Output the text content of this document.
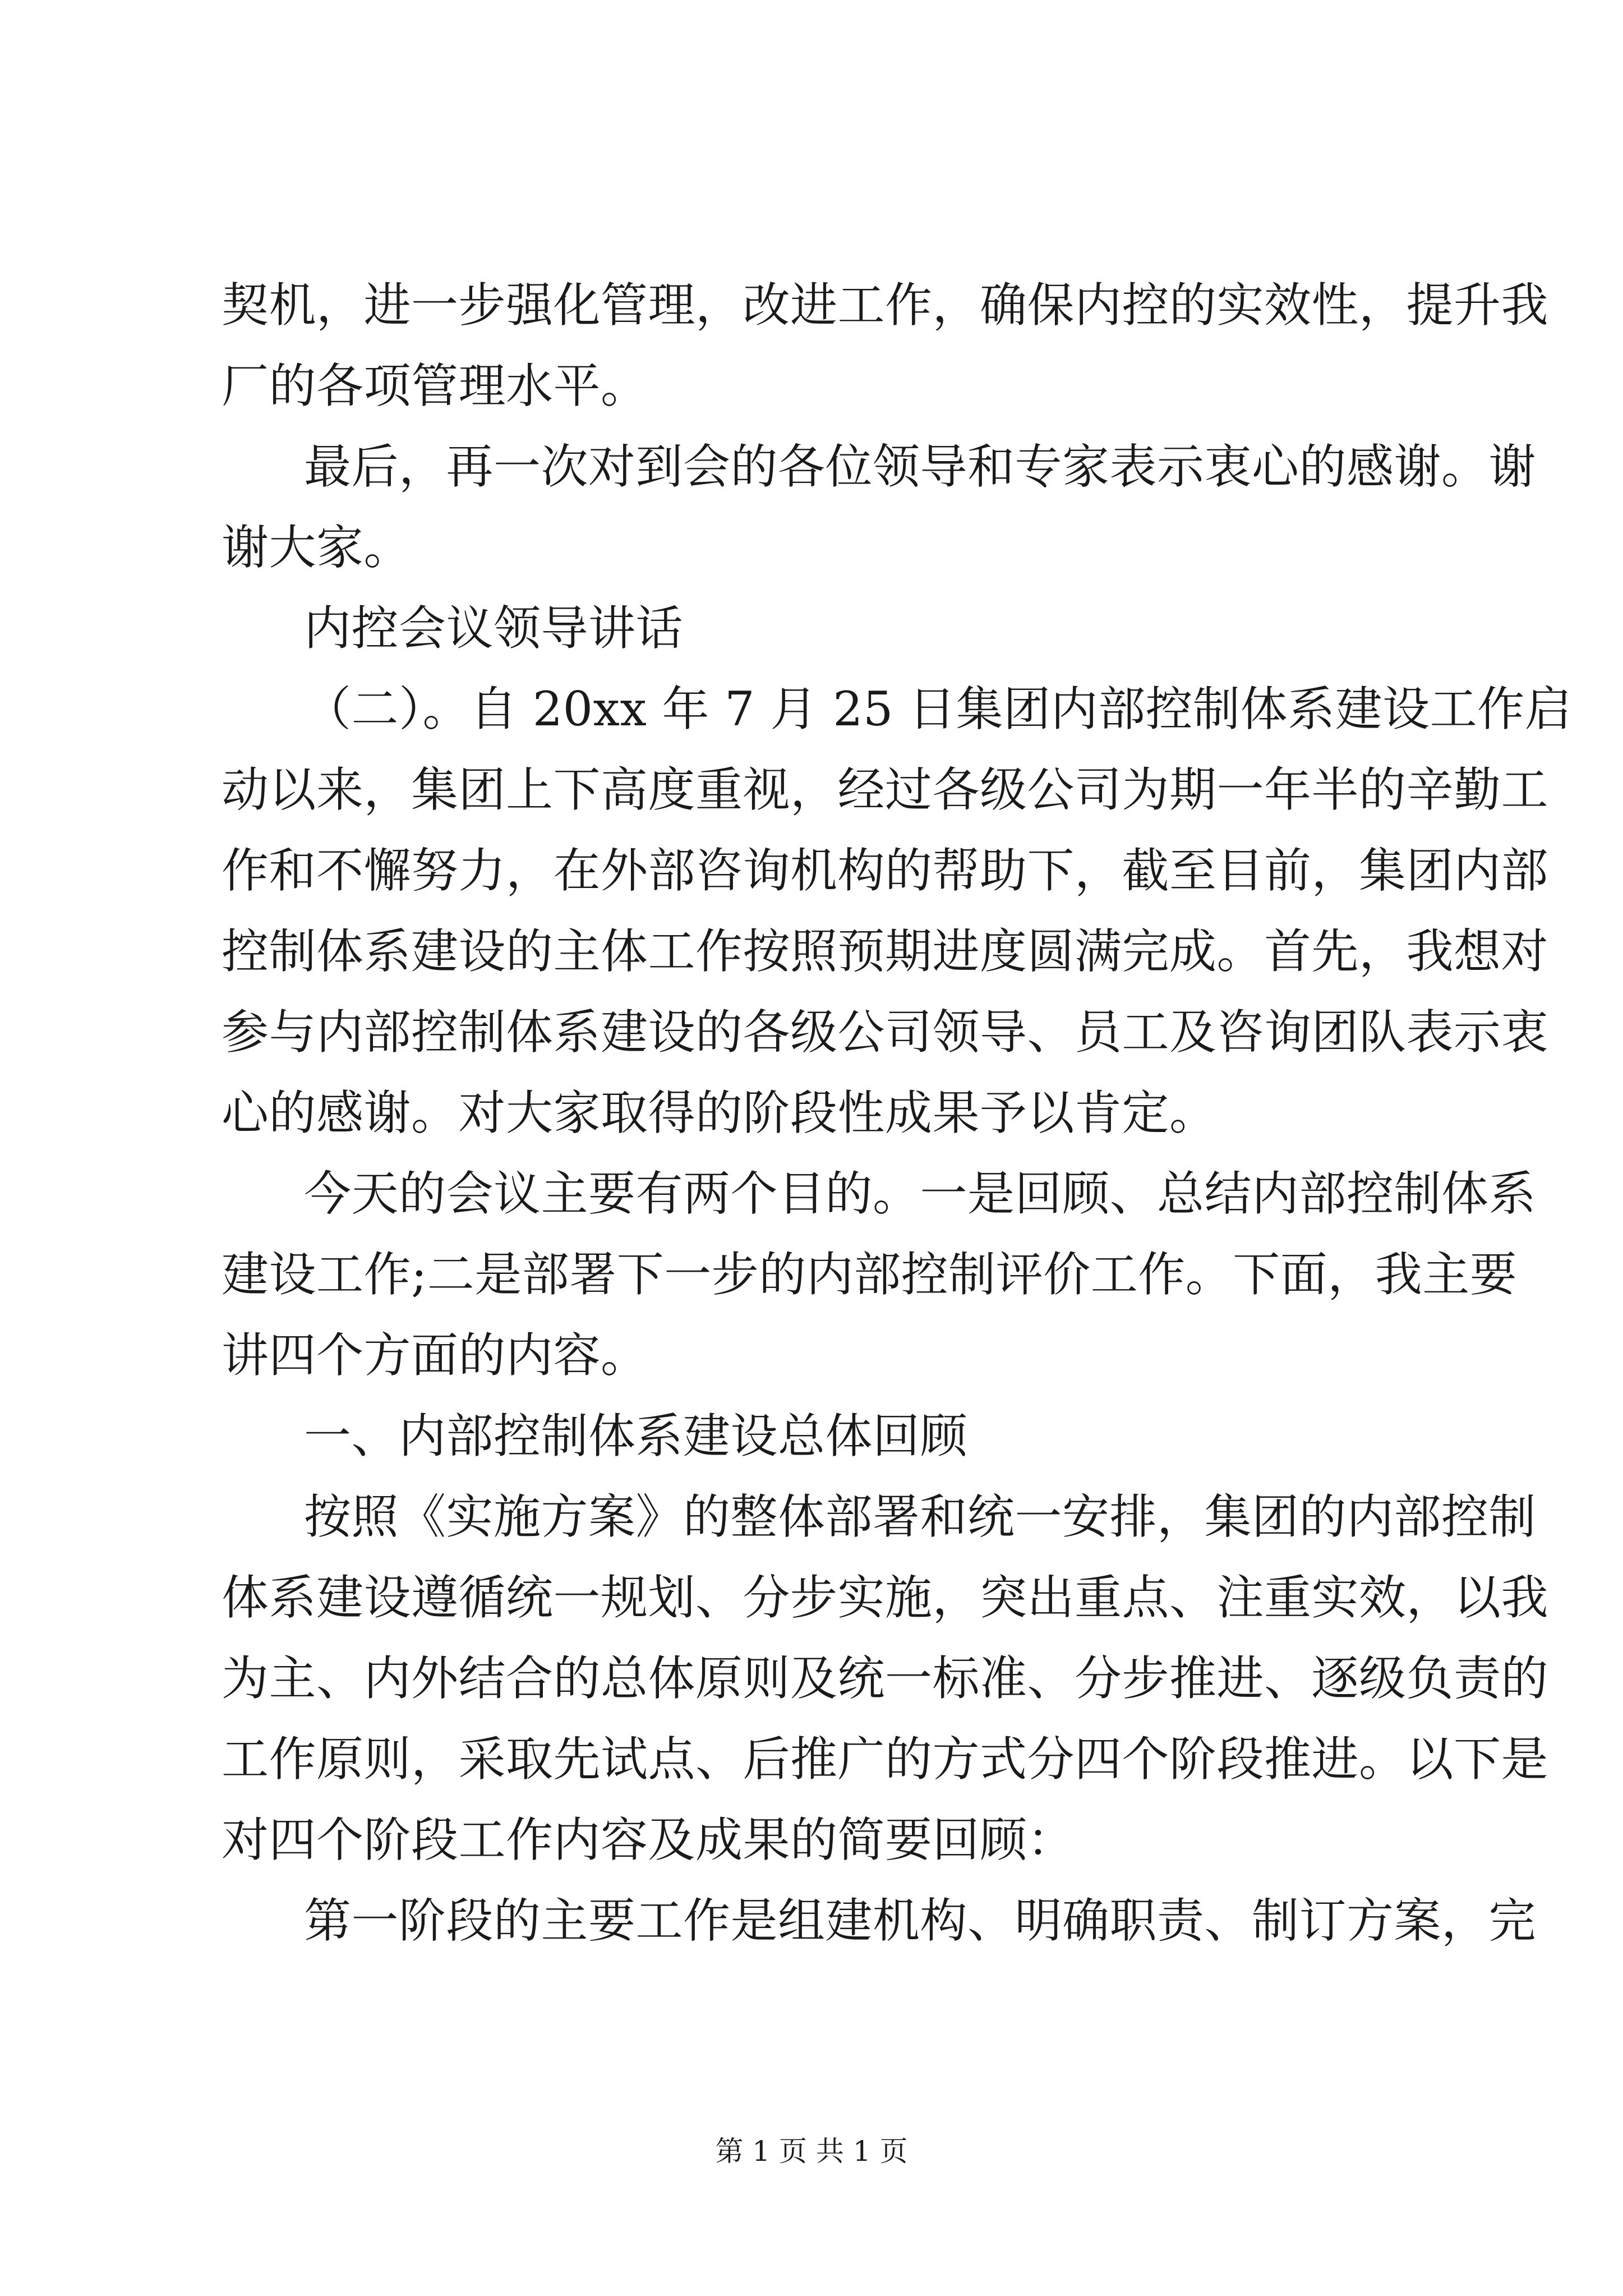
契机，进一步强化管理，改进工作，确保内控的实效性，提升我
厂的各项管理水平。
最后，再一次对到会的各位领导和专家表示衷心的感谢。谢
谢大家。
内控会议领导讲话
（二）。自 20xx 年 7 月 25 日集团内部控制体系建设工作启
动以来，集团上下高度重视，经过各级公司为期一年半的辛勤工
作和不懈努力，在外部咨询机构的帮助下，截至目前，集团内部
控制体系建设的主体工作按照预期进度圆满完成。首先，我想对
参与内部控制体系建设的各级公司领导、员工及咨询团队表示衷
心的感谢。对大家取得的阶段性成果予以肯定。
今天的会议主要有两个目的。一是回顾、总结内部控制体系
建设工作;二是部署下一步的内部控制评价工作。下面，我主要
讲四个方面的内容。
一、内部控制体系建设总体回顾
按照《实施方案》的整体部署和统一安排，集团的内部控制
体系建设遵循统一规划、分步实施，突出重点、注重实效，以我
为主、内外结合的总体原则及统一标准、分步推进、逐级负责的
工作原则，采取先试点、后推广的方式分四个阶段推进。以下是
对四个阶段工作内容及成果的简要回顾：
第一阶段的主要工作是组建机构、明确职责、制订方案，完
第 1 页 共 1 页
